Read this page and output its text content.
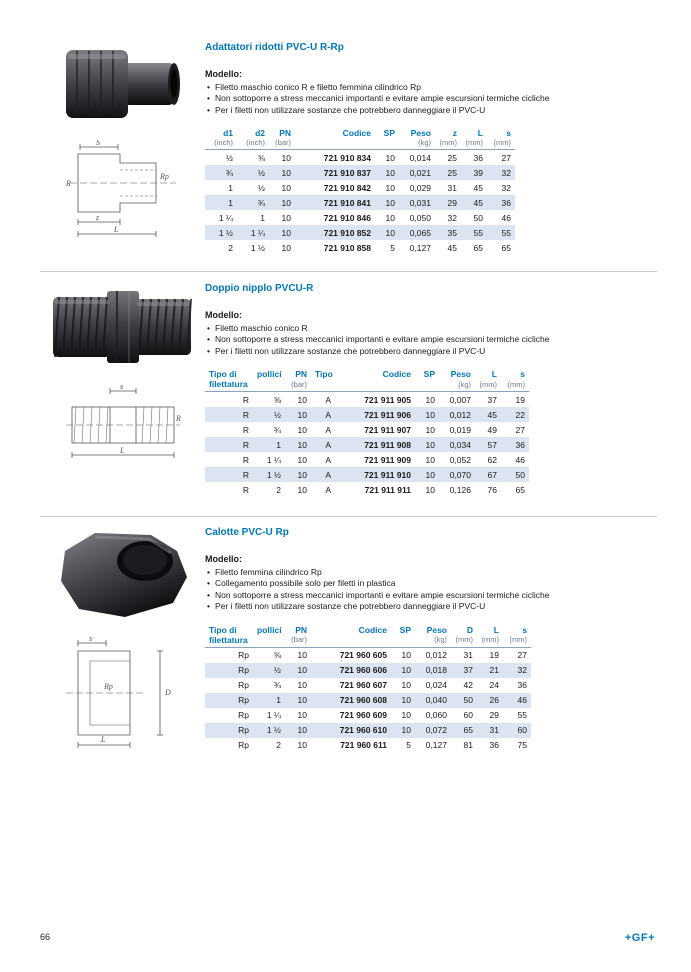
S
R
Rp
z
L
Adattatori ridotti PVC-U R-Rp
Modello:
• Filetto maschio conico R e filetto femmina cilindrico Rp
• Non sottoporre a stress meccanici importanti e evitare ampie escursioni termiche cicliche
• Per i filetti non utilizzare sostanze che potrebbero danneggiare il PVC-U
d1	d2	PN	Codice	SP	Peso	z	L	s
(inch)	(inch)	(bar)			(kg)	(mm)	(mm)	(mm)
½	⅜	10	721 910 834	10	0,014	25	36	27
¾	½	10	721 910 837	10	0,021	25	39	32
1	½	10	721 910 842	10	0,029	31	45	32
1	¾	10	721 910 841	10	0,031	29	45	36
1 ¼	1	10	721 910 846	10	0,050	32	50	46
1 ½	1 ¼	10	721 910 852	10	0,065	35	55	55
2	1 ½	10	721 910 858	5	0,127	45	65	65
s
R
L
Doppio nipplo PVCU-R
Modello:
• Filetto maschio conico R
• Non sottoporre a stress meccanici importanti e evitare ampie escursioni termiche cicliche
• Per i filetti non utilizzare sostanze che potrebbero danneggiare il PVC-U
Tipo di	pollici	PN	Tipo	Codice	SP	Peso	L	s
filettatura		(bar)				(kg)	(mm)	(mm)
R	⅜	10	A	721 911 905	10	0,007	37	19
R	½	10	A	721 911 906	10	0,012	45	22
R	¾	10	A	721 911 907	10	0,019	49	27
R	1	10	A	721 911 908	10	0,034	57	36
R	1 ¼	10	A	721 911 909	10	0,052	62	46
R	1 ½	10	A	721 911 910	10	0,070	67	50
R	2	10	A	721 911 911	10	0,126	76	65
s
Rp
D
L
Calotte PVC-U Rp
Modello:
• Filetto femmina cilindrico Rp
• Collegamento possibile solo per filetti in plastica
• Non sottoporre a stress meccanici importanti e evitare ampie escursioni termiche cicliche
• Per i filetti non utilizzare sostanze che potrebbero danneggiare il PVC-U
Tipo di	pollici	PN	Codice	SP	Peso	D	L	s
filettatura		(bar)			(kg)	(mm)	(mm)	(mm)
Rp	⅜	10	721 960 605	10	0,012	31	19	27
Rp	½	10	721 960 606	10	0,018	37	21	32
Rp	¾	10	721 960 607	10	0,024	42	24	36
Rp	1	10	721 960 608	10	0,040	50	26	46
Rp	1 ¼	10	721 960 609	10	0,060	60	29	55
Rp	1 ½	10	721 960 610	10	0,072	65	31	60
Rp	2	10	721 960 611	5	0,127	81	36	75
66	+GF+
